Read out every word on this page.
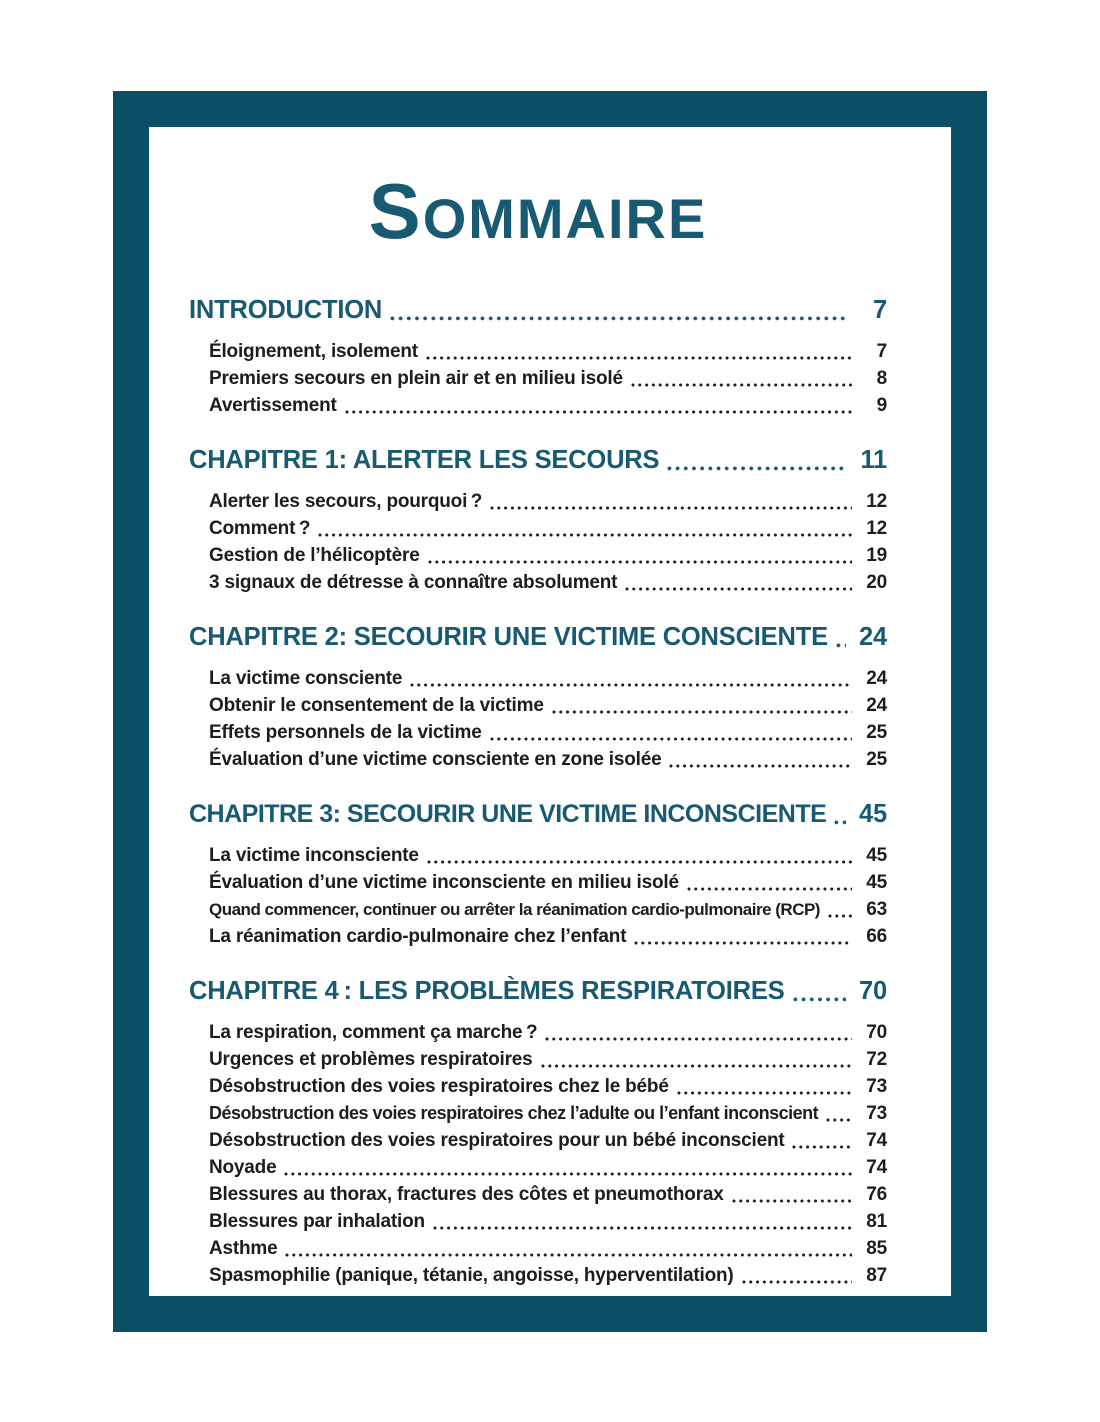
SOMMAIRE
INTRODUCTION	7
Éloignement, isolement	7
Premiers secours en plein air et en milieu isolé	8
Avertissement	9
CHAPITRE 1: ALERTER LES SECOURS	11
Alerter les secours, pourquoi ?	12
Comment ?	12
Gestion de l’hélicoptère	19
3 signaux de détresse à connaître absolument	20
CHAPITRE 2: SECOURIR UNE VICTIME CONSCIENTE 24
La victime consciente	24
Obtenir le consentement de la victime	24
Effets personnels de la victime	25
Évaluation d’une victime consciente en zone isolée	25
CHAPITRE 3: SECOURIR UNE VICTIME INCONSCIENTE 45
La victime inconsciente	45
Évaluation d’une victime inconsciente en milieu isolé	45
Quand commencer, continuer ou arrêter la réanimation cardio-pulmonaire (RCP)	63
La réanimation cardio-pulmonaire chez l’enfant	66
CHAPITRE 4 : LES PROBLÈMES RESPIRATOIRES	70
La respiration, comment ça marche ?	70
Urgences et problèmes respiratoires	72
Désobstruction des voies respiratoires chez le bébé	73
Désobstruction des voies respiratoires chez l’adulte ou l’enfant inconscient	73
Désobstruction des voies respiratoires pour un bébé inconscient	74
Noyade	74
Blessures au thorax, fractures des côtes et pneumothorax	76
Blessures par inhalation	81
Asthme	85
Spasmophilie (panique, tétanie, angoisse, hyperventilation)	87
